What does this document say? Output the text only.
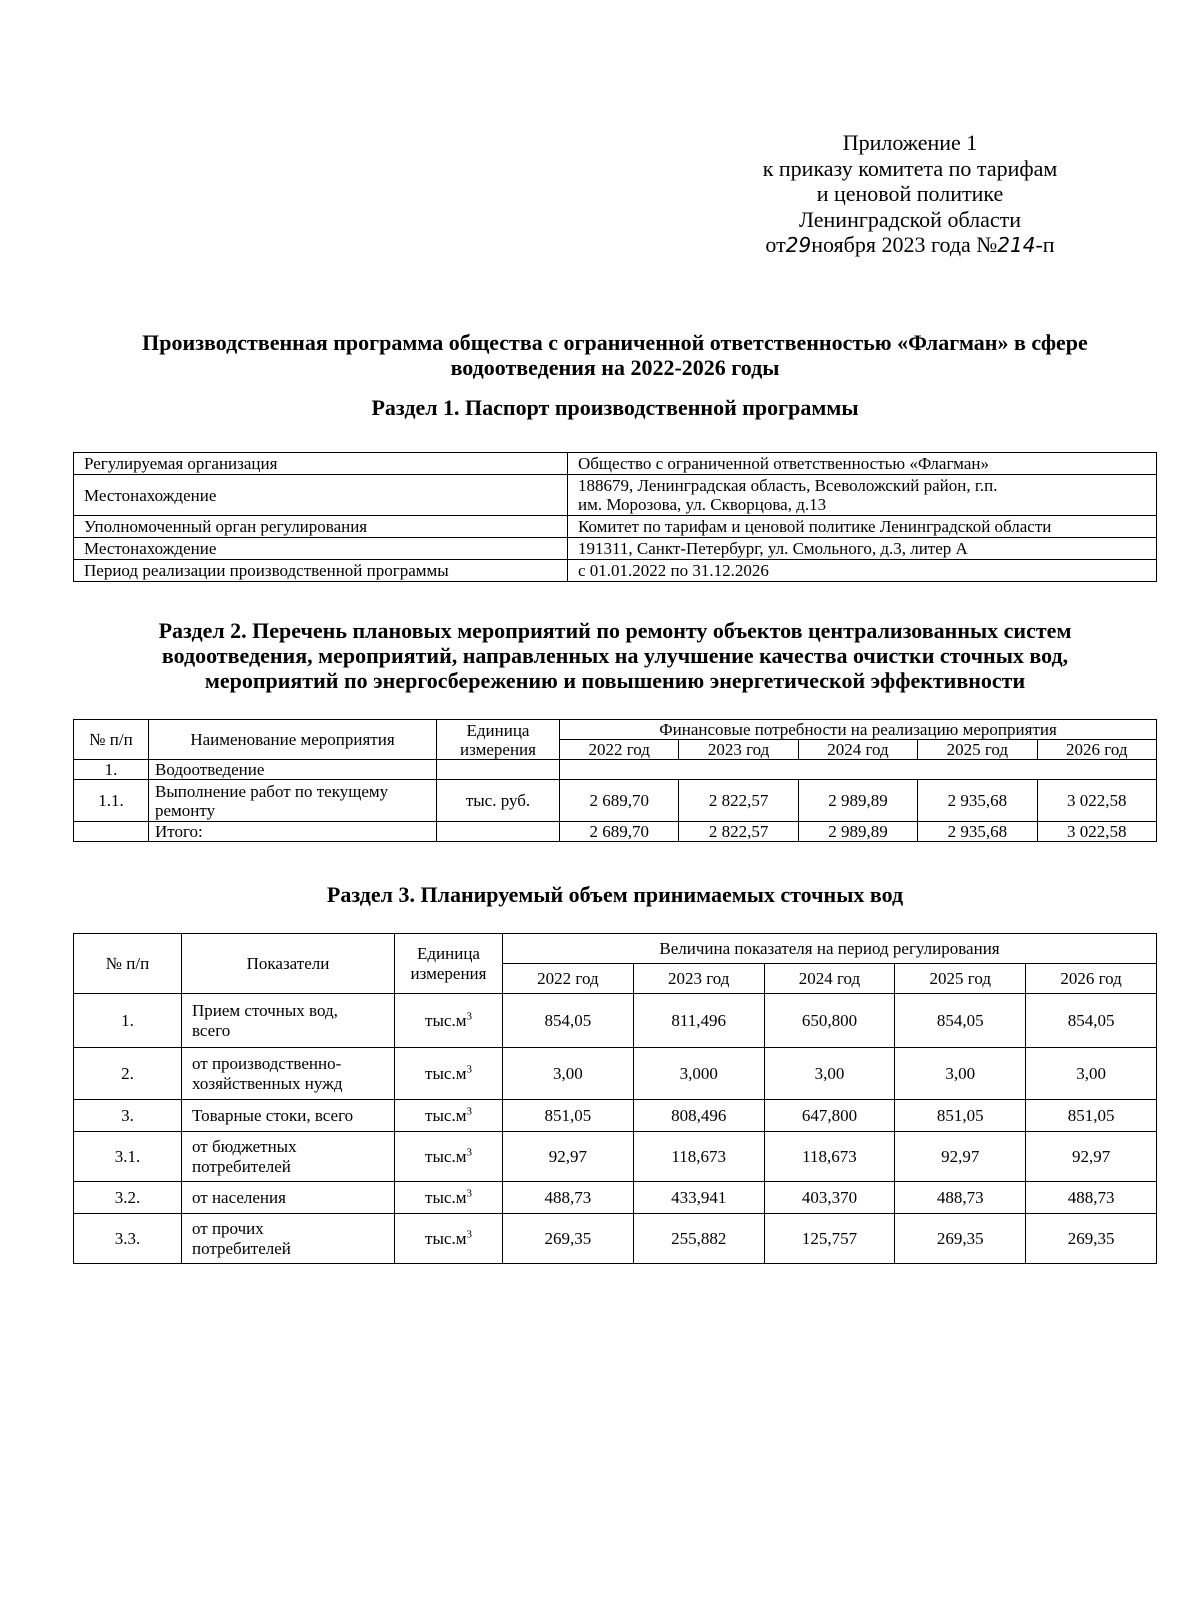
Приложение 1
к приказу комитета по тарифам
и ценовой политике
Ленинградской области
от29ноября 2023 года №214-п
Производственная программа общества с ограниченной ответственностью «Флагман» в сфере водоотведения на 2022-2026 годы
Раздел 1. Паспорт производственной программы
Регулируемая организация	Общество с ограниченной ответственностью «Флагман»
Местонахождение	188679, Ленинградская область, Всеволожский район, г.п.
им. Морозова, ул. Скворцова, д.13

Уполномоченный орган регулирования	Комитет по тарифам и ценовой политике Ленинградской области
Местонахождение	191311, Санкт-Петербург, ул. Смольного, д.3, литер А
Период реализации производственной программы	с 01.01.2022 по 31.12.2026
Раздел 2. Перечень плановых мероприятий по ремонту объектов централизованных систем
водоотведения, мероприятий, направленных на улучшение качества очистки сточных вод,
мероприятий по энергосбережению и повышению энергетической эффективности
№ п/п	Наименование мероприятия	Единица
измерения	Финансовые потребности на реализацию мероприятия				
			2022 год	2023 год	2024 год	2025 год	2026 год
1.	Водоотведение						
1.1.	Выполнение работ по текущему
ремонту	тыс. руб.	2 689,70	2 822,57	2 989,89	2 935,68	3 022,58
	Итого:		2 689,70	2 822,57	2 989,89	2 935,68	3 022,58
Раздел 3. Планируемый объем принимаемых сточных вод
№ п/п	Показатели	Единица
измерения	Величина показателя на период регулирования				
			2022 год	2023 год	2024 год	2025 год	2026 год
1.	Прием сточных вод,
всего	$тыс.м^3$	854,05	811,496	650,800	854,05	854,05
2.	от производственно-
хозяйственных нужд	$тыс.м^3$	3,00	3,000	3,00	3,00	3,00
3.	Товарные стоки, всего	$тыс.м^3$	851,05	808,496	647,800	851,05	851,05
3.1.	от бюджетных
потребителей	$тыс.м^3$	92,97	118,673	118,673	92,97	92,97
3.2.	от населения	$тыс.м^3$	488,73	433,941	403,370	488,73	488,73
3.3.	от прочих
потребителей	$тыс.м^3$	269,35	255,882	125,757	269,35	269,35
